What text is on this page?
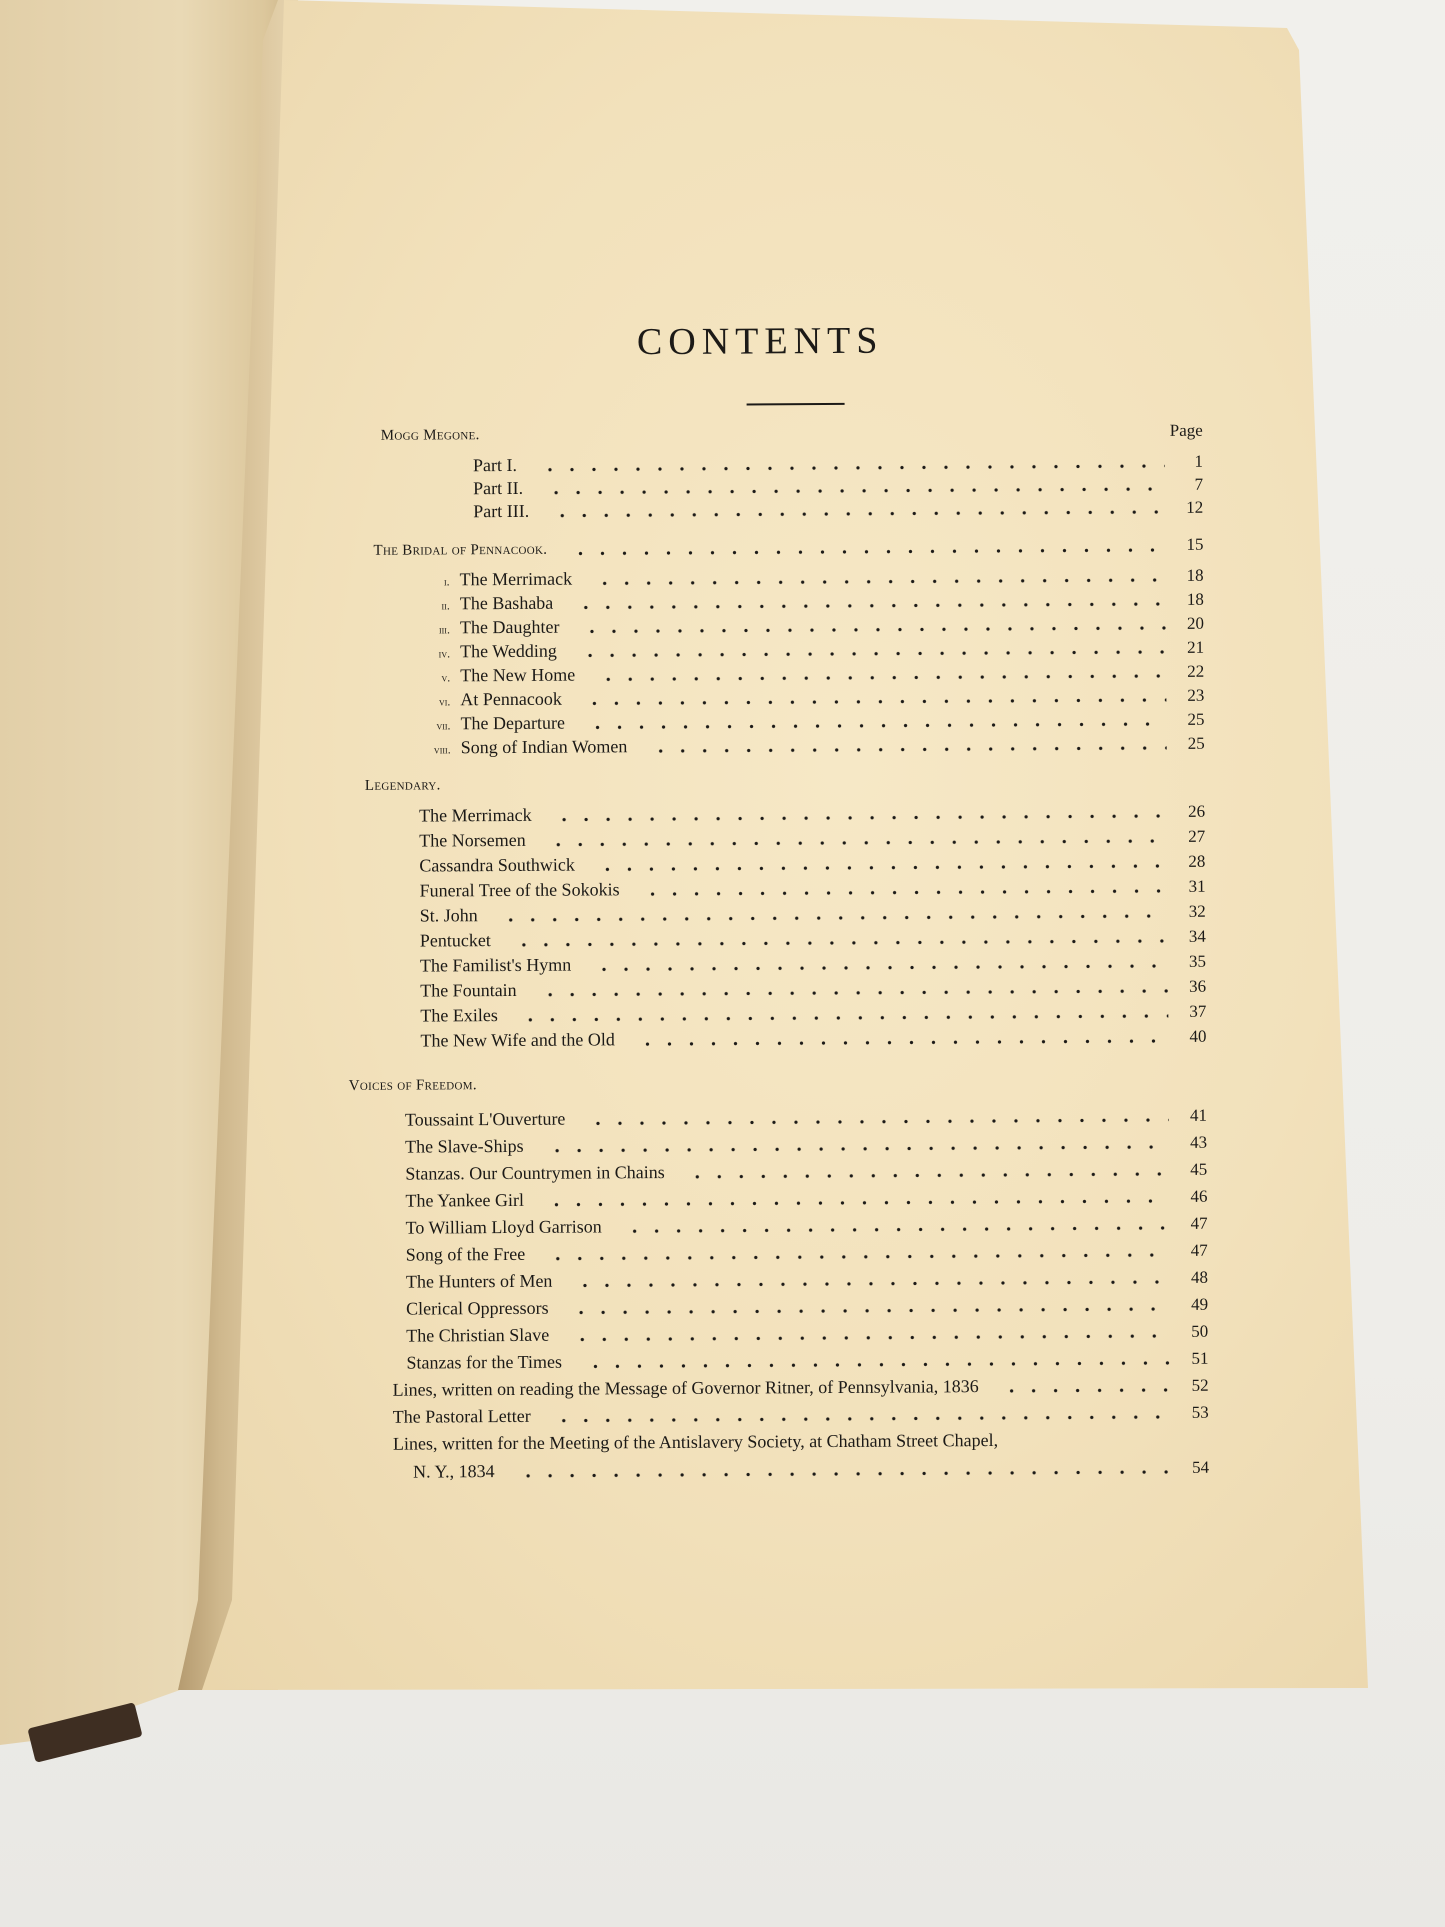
CONTENTS
Page
Mogg Megone.
Part I.	1
Part II.	7
Part III.	12
The Bridal of Pennacook.	15
i. The Merrimack	18
ii. The Bashaba	18
iii. The Daughter	20
iv. The Wedding	21
v. The New Home	22
vi. At Pennacook	23
vii. The Departure	25
viii. Song of Indian Women	25
Legendary.
The Merrimack	26
The Norsemen	27
Cassandra Southwick	28
Funeral Tree of the Sokokis	31
St. John	32
Pentucket	34
The Familist's Hymn	35
The Fountain	36
The Exiles	37
The New Wife and the Old	40
Voices of Freedom.
Toussaint L'Ouverture	41
The Slave-Ships	43
Stanzas. Our Countrymen in Chains	45
The Yankee Girl	46
To William Lloyd Garrison	47
Song of the Free	47
The Hunters of Men	48
Clerical Oppressors	49
The Christian Slave	50
Stanzas for the Times	51
Lines, written on reading the Message of Governor Ritner, of Pennsylvania, 1836	52
The Pastoral Letter	53
Lines, written for the Meeting of the Antislavery Society, at Chatham Street Chapel,
N. Y., 1834	54
